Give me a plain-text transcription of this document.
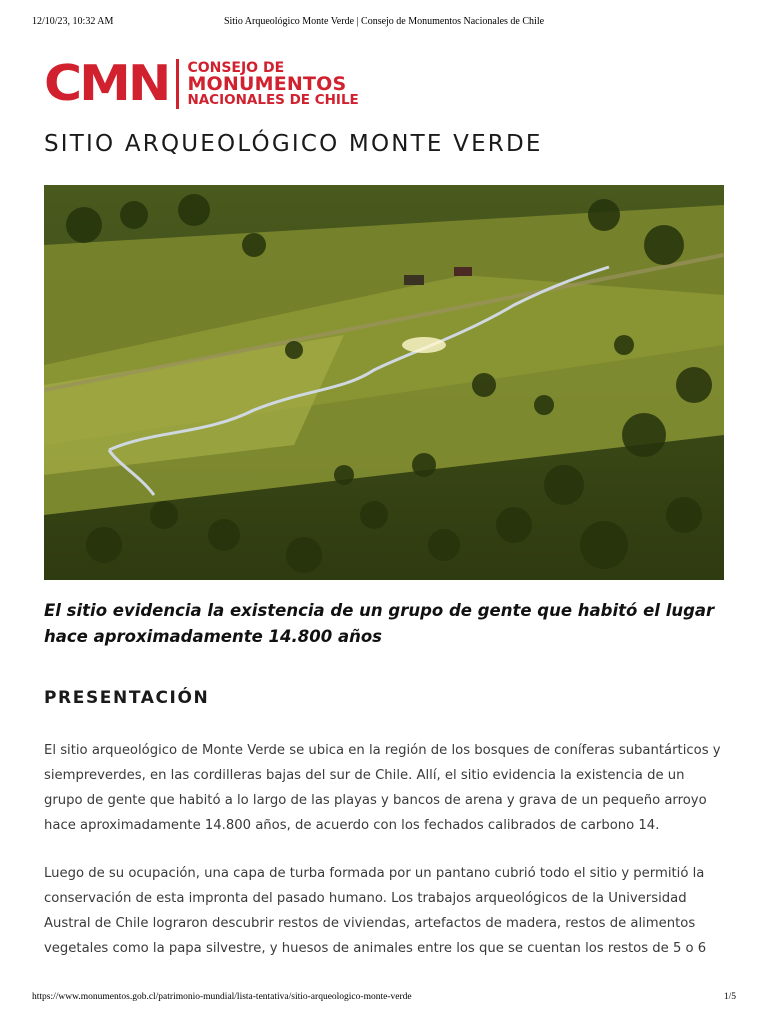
12/10/23, 10:32 AM	Sitio Arqueológico Monte Verde | Consejo de Monumentos Nacionales de Chile
CMN CONSEJO DE
MONUMENTOS
NACIONALES DE CHILE
SITIO ARQUEOLÓGICO MONTE VERDE

El sitio evidencia la existencia de un grupo de gente que habitó el lugar hace aproximadamente 14.800 años

PRESENTACIÓN

El sitio arqueológico de Monte Verde se ubica en la región de los bosques de coníferas subantárticos y siempreverdes, en las cordilleras bajas del sur de Chile. Allí, el sitio evidencia la existencia de un grupo de gente que habitó a lo largo de las playas y bancos de arena y grava de un pequeño arroyo hace aproximadamente 14.800 años, de acuerdo con los fechados calibrados de carbono 14.

Luego de su ocupación, una capa de turba formada por un pantano cubrió todo el sitio y permitió la conservación de esta impronta del pasado humano. Los trabajos arqueológicos de la Universidad Austral de Chile lograron descubrir restos de viviendas, artefactos de madera, restos de alimentos vegetales como la papa silvestre, y huesos de animales entre los que se cuentan los restos de 5 o 6

https://www.monumentos.gob.cl/patrimonio-mundial/lista-tentativa/sitio-arqueologico-monte-verde	1/5
